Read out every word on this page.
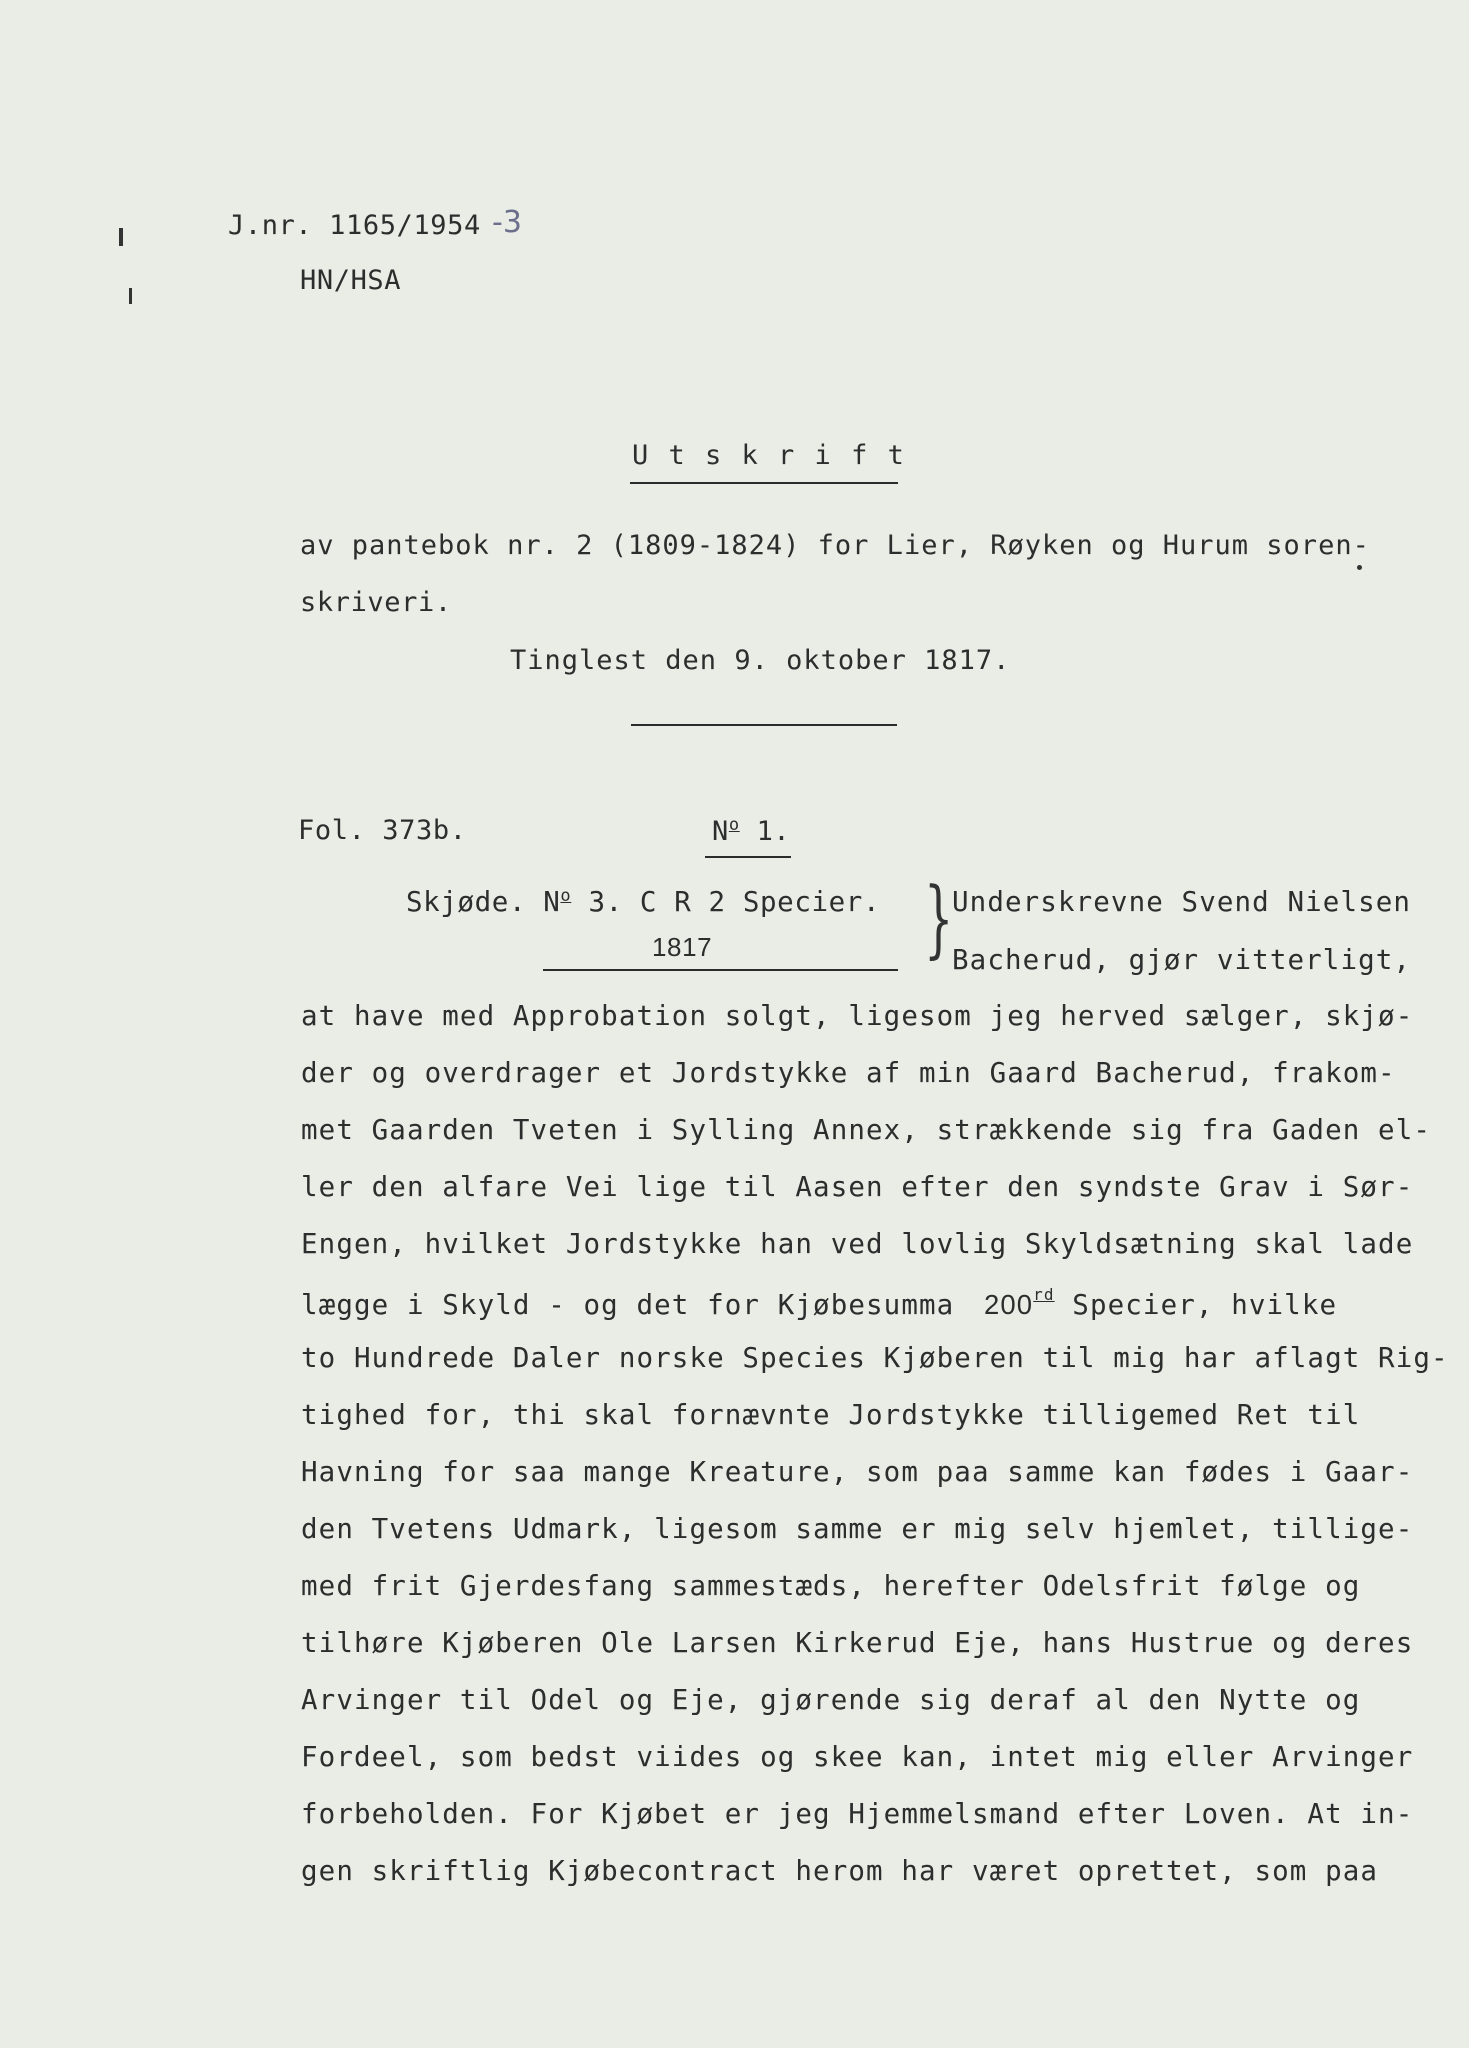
J.nr. 1165/1954 -3
HN/HSA
U t s k r i f t
av pantebok nr. 2 (1809-1824) for Lier, Røyken og Hurum soren-
skriveri.
Tinglest den 9. oktober 1817.
Fol. 373b.	$N^o$ 1.
Skjøde. $N^o$ 3. C R 2 Specier.
1817	}
Underskrevne Svend Nielsen
Bacherud, gjør vitterligt,
at have med Approbation solgt, ligesom jeg herved sælger, skjø-
der og overdrager et Jordstykke af min Gaard Bacherud, frakom-
met Gaarden Tveten i Sylling Annex, strækkende sig fra Gaden el-
ler den alfare Vei lige til Aasen efter den syndste Grav i Sør-
Engen, hvilket Jordstykke han ved lovlig Skyldsætning skal lade
lægge i Skyld - og det for Kjøbesumma 200rd Specier, hvilke
to Hundrede Daler norske Species Kjøberen til mig har aflagt Rig-
tighed for, thi skal fornævnte Jordstykke tilligemed Ret til
Havning for saa mange Kreature, som paa samme kan fødes i Gaar-
den Tvetens Udmark, ligesom samme er mig selv hjemlet, tillige-
med frit Gjerdesfang sammestæds, herefter Odelsfrit følge og
tilhøre Kjøberen Ole Larsen Kirkerud Eje, hans Hustrue og deres
Arvinger til Odel og Eje, gjørende sig deraf al den Nytte og
Fordeel, som bedst viides og skee kan, intet mig eller Arvinger
forbeholden. For Kjøbet er jeg Hjemmelsmand efter Loven. At in-
gen skriftlig Kjøbecontract herom har været oprettet, som paa
